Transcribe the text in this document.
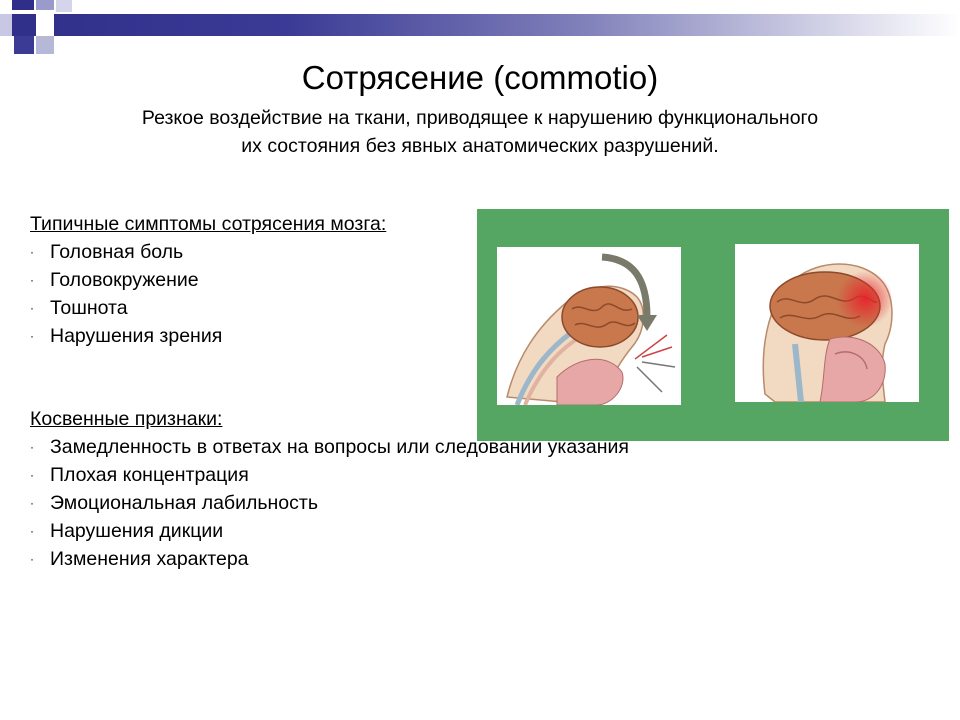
Сотрясение (commotio)
Резкое воздействие на ткани, приводящее к нарушению функционального
их состояния без явных анатомических разрушений.
Типичные симптомы сотрясения мозга:
· Головная боль
· Головокружение
· Тошнота
· Нарушения зрения
Косвенные признаки:
· Замедленность в ответах на вопросы или следовании указания
· Плохая концентрация
· Эмоциональная лабильность
· Нарушения дикции
· Изменения характера
